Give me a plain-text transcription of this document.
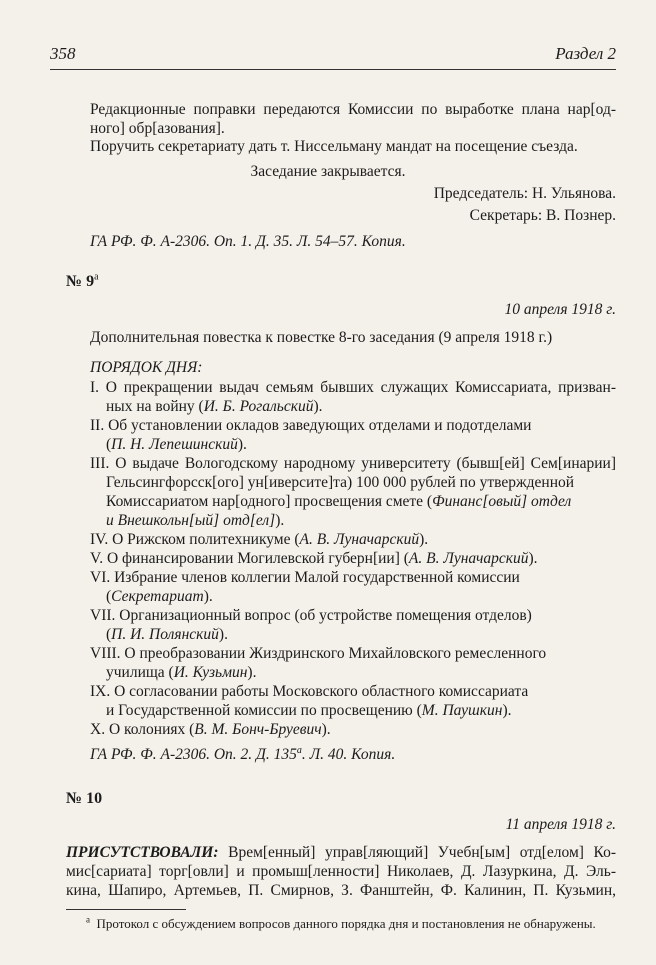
358	Раздел 2
Редакционные поправки передаются Комиссии по выработке плана нар[од-
ного] обр[азования].
Поручить секретариату дать т. Ниссельману мандат на посещение съезда.
Заседание закрывается.
Председатель: Н. Ульянова.
Секретарь: В. Познер.
ГА РФ. Ф. А-2306. Оп. 1. Д. 35. Л. 54–57. Копия.
№ $9^а$
10 апреля 1918 г.
Дополнительная повестка к повестке 8-го заседания (9 апреля 1918 г.)
ПОРЯДОК ДНЯ:
I. О прекращении выдач семьям бывших служащих Комиссариата, призван-
ных на войну (И. Б. Рогальский).
II. Об установлении окладов заведующих отделами и подотделами
(П. Н. Лепешинский).
III. О выдаче Вологодскому народному университету (бывш[ей] Сем[инарии]
Гельсингфорсск[ого] ун[иверсите]та) 100 000 рублей по утвержденной
Комиссариатом нар[одного] просвещения смете (Финанс[овый] отдел
и Внешкольн[ый] отд[ел]).
IV. О Рижском политехникуме (А. В. Луначарский).
V. О финансировании Могилевской губерн[ии] (А. В. Луначарский).
VI. Избрание членов коллегии Малой государственной комиссии
(Секретариат).
VII. Организационный вопрос (об устройстве помещения отделов)
(П. И. Полянский).
VIII. О преобразовании Жиздринского Михайловского ремесленного
училища (И. Кузьмин).
IX. О согласовании работы Московского областного комиссариата
и Государственной комиссии по просвещению (М. Паушкин).
X. О колониях (В. М. Бонч-Бруевич).
ГА РФ. Ф. А-2306. Оп. 2. Д. $135^а$. Л. 40. Копия.
№ 10
11 апреля 1918 г.
ПРИСУТСТВОВАЛИ: Врем[енный] управ[ляющий] Учебн[ым] отд[елом] Ко-
мис[сариата] торг[овли] и промыш[ленности] Николаев, Д. Лазуркина, Д. Эль-
кина, Шапиро, Артемьев, П. Смирнов, З. Фанштейн, Ф. Калинин, П. Кузьмин,
$^а$ Протокол с обсуждением вопросов данного порядка дня и постановления не обнаружены.
